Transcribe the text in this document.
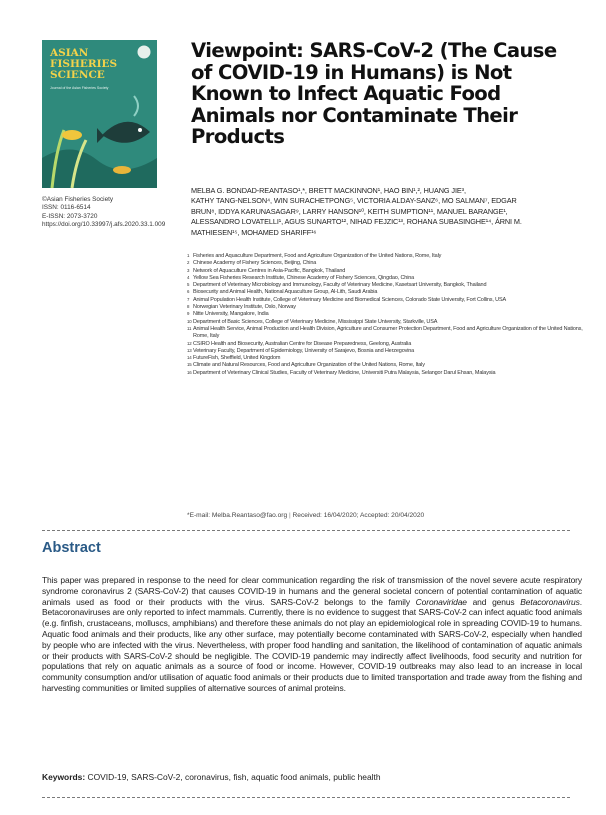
ASIAN
FISHERIES
SCIENCE
Journal of the Asian Fisheries Society
©Asian Fisheries Society
ISSN: 0116-6514
E-ISSN: 2073-3720
https://doi.org/10.33997/j.afs.2020.33.1.009
Viewpoint: SARS-CoV-2 (The Cause of COVID-19 in Humans) is Not Known to Infect Aquatic Food Animals nor Contaminate Their Products
MELBA G. BONDAD-REANTASO¹,*, BRETT MACKINNON¹, HAO BIN¹,², HUANG JIE³,
KATHY TANG-NELSON⁴, WIN SURACHETPONG⁵, VICTORIA ALDAY-SANZ⁶, MO SALMAN⁷, EDGAR
BRUN⁸, IDDYA KARUNASAGAR⁹, LARRY HANSON¹⁰, KEITH SUMPTION¹¹, MANUEL BARANGE¹,
ALESSANDRO LOVATELLI¹, AGUS SUNARTO¹², NIHAD FEJZIC¹³, ROHANA SUBASINGHE¹⁴, ÁRNI M.
MATHIESEN¹⁵, MOHAMED SHARIFF¹⁶
1 Fisheries and Aquaculture Department, Food and Agriculture Organization of the United Nations, Rome, Italy
2 Chinese Academy of Fishery Sciences, Beijing, China
3 Network of Aquaculture Centres in Asia-Pacific, Bangkok, Thailand
4 Yellow Sea Fisheries Research Institute, Chinese Academy of Fishery Sciences, Qingdao, China
5 Department of Veterinary Microbiology and Immunology, Faculty of Veterinary Medicine, Kasetsart University, Bangkok, Thailand
6 Biosecurity and Animal Health, National Aquaculture Group, Al-Lith, Saudi Arabia
7 Animal Population Health Institute, College of Veterinary Medicine and Biomedical Sciences, Colorado State University, Fort Collins, USA
8 Norwegian Veterinary Institute, Oslo, Norway
9 Nitte University, Mangalore, India
10 Department of Basic Sciences, College of Veterinary Medicine, Mississippi State University, Starkville, USA
11 Animal Health Service, Animal Production and Health Division, Agriculture and Consumer Protection Department, Food and Agriculture Organization of the United Nations, Rome, Italy
12 CSIRO Health and Biosecurity, Australian Centre for Disease Preparedness, Geelong, Australia
13 Veterinary Faculty, Department of Epidemiology, University of Sarajevo, Bosnia and Herzegovina
14 FutureFish, Sheffield, United Kingdom
15 Climate and Natural Resources, Food and Agriculture Organization of the United Nations, Rome, Italy
16 Department of Veterinary Clinical Studies, Faculty of Veterinary Medicine, Universiti Putra Malaysia, Selangor Darul Ehsan, Malaysia
*E-mail: Melba.Reantaso@fao.org | Received: 16/04/2020; Accepted: 20/04/2020
Abstract
This paper was prepared in response to the need for clear communication regarding the risk of transmission of the novel severe acute respiratory syndrome coronavirus 2 (SARS-CoV-2) that causes COVID-19 in humans and the general societal concern of potential contamination of aquatic animals used as food or their products with the virus. SARS-CoV-2 belongs to the family Coronaviridae and genus Betacoronavirus. Betacoronaviruses are only reported to infect mammals. Currently, there is no evidence to suggest that SARS-CoV-2 can infect aquatic food animals (e.g. finfish, crustaceans, molluscs, amphibians) and therefore these animals do not play an epidemiological role in spreading COVID-19 to humans. Aquatic food animals and their products, like any other surface, may potentially become contaminated with SARS-CoV-2, especially when handled by people who are infected with the virus. Nevertheless, with proper food handling and sanitation, the likelihood of contamination of aquatic animals or their products with SARS-CoV-2 should be negligible. The COVID-19 pandemic may indirectly affect livelihoods, food security and nutrition for populations that rely on aquatic animals as a source of food or income. However, COVID-19 outbreaks may also lead to an increase in local community consumption and/or utilisation of aquatic food animals or their products due to limited transportation and trade away from the fishing and harvesting communities or limited supplies of alternative sources of animal proteins.
Keywords: COVID-19, SARS-CoV-2, coronavirus, fish, aquatic food animals, public health
